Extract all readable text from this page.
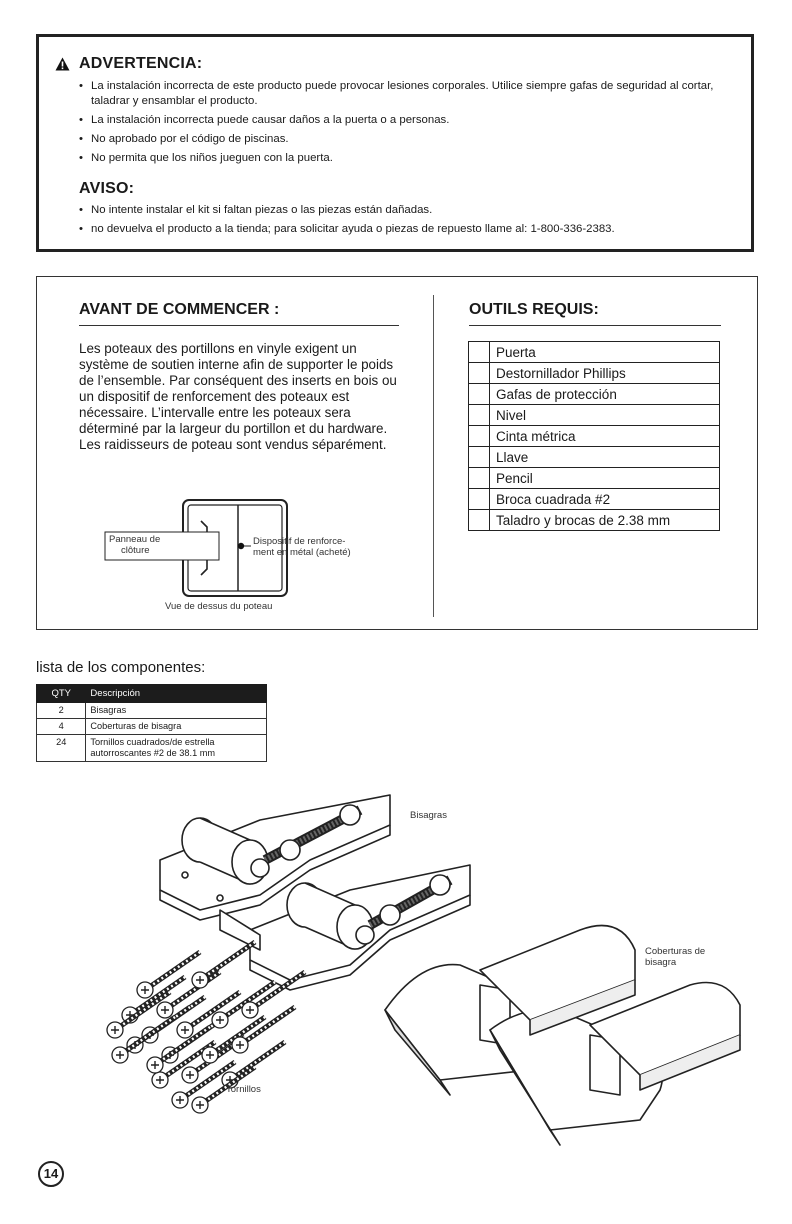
ADVERTENCIA:
• La instalación incorrecta de este producto puede provocar lesiones corporales. Utilice siempre gafas de seguridad al cortar, taladrar y ensamblar el producto.
• La instalación incorrecta puede causar daños a la puerta o a personas.
• No aprobado por el código de piscinas.
• No permita que los niños jueguen con la puerta.
AVISO:
• No intente instalar el kit si faltan piezas o las piezas están dañadas.
• no devuelva el producto a la tienda; para solicitar ayuda o piezas de repuesto llame al: 1-800-336-2383.
AVANT DE COMMENCER :
Les poteaux des portillons en vinyle exigent un système de soutien interne afin de supporter le poids de l’ensemble. Par conséquent des inserts en bois ou un dispositif de renforcement des poteaux est nécessaire. L’intervalle entre les poteaux sera déterminé par la largeur du portillon et du hardware. Les raidisseurs de poteau sont vendus séparément.
Panneau de
clôture
Dispositif de renforce-
ment en métal (acheté)
Vue de dessus du poteau
OUTILS REQUIS:
	Puerta
	Destornillador Phillips
	Gafas de protección
	Nivel
	Cinta métrica
	Llave
	Pencil
	Broca cuadrada #2
	Taladro y brocas de 2.38 mm
lista de los componentes:
QTY	Descripción
2	Bisagras
4	Coberturas de bisagra
24	Tornillos cuadrados/de estrella autorroscantes #2 de 38.1 mm
Bisagras
Coberturas de
bisagra
Tornillos
14
